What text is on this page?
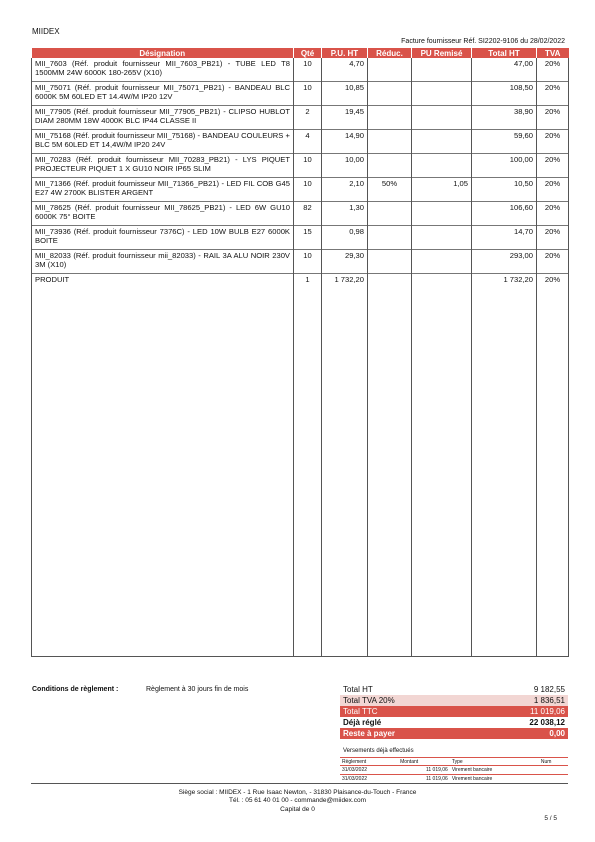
MIIDEX
Facture fournisseur Réf. SI2202-9106 du 28/02/2022
Désignation	Qté	P.U. HT	Réduc.	PU Remisé	Total HT	TVA
MII_7603 (Réf. produit fournisseur MII_7603_PB21) - TUBE LED T8 1500MM 24W 6000K 180-265V (X10)	10	4,70			47,00	20%
MII_75071 (Réf. produit fournisseur MII_75071_PB21) - BANDEAU BLC 6000K 5M 60LED ET 14.4W/M IP20 12V	10	10,85			108,50	20%
MII_77905 (Réf. produit fournisseur MII_77905_PB21) - CLIPSO HUBLOT DIAM 280MM 18W 4000K BLC IP44 CLASSE II	2	19,45			38,90	20%
MII_75168 (Réf. produit fournisseur MII_75168) - BANDEAU COULEURS + BLC 5M 60LED ET 14,4W/M IP20 24V	4	14,90			59,60	20%
MII_70283 (Réf. produit fournisseur MII_70283_PB21) - LYS PIQUET PROJECTEUR PIQUET 1 X GU10 NOIR IP65 SLIM	10	10,00			100,00	20%
MII_71366 (Réf. produit fournisseur MII_71366_PB21) - LED FIL COB G45 E27 4W 2700K BLISTER ARGENT	10	2,10	50%	1,05	10,50	20%
MII_78625 (Réf. produit fournisseur MII_78625_PB21) - LED 6W GU10 6000K 75° BOITE	82	1,30			106,60	20%
MII_73936 (Réf. produit fournisseur 7376C) - LED 10W BULB E27 6000K BOITE	15	0,98			14,70	20%
MII_82033 (Réf. produit fournisseur mii_82033) - RAIL 3A ALU NOIR 230V 3M (X10)	10	29,30			293,00	20%
PRODUIT	1	1 732,20			1 732,20	20%

Conditions de règlement :	Règlement à 30 jours fin de mois	Total HT	9 182,55
Total TVA 20%	1 836,51
Total TTC	11 019,06
Déjà réglé	22 038,12
Reste à payer	0,00
Versements déjà effectués
Règlement	Montant	Type	Num
31/03/2022	11 019,06	Virement bancaire	
31/03/2022	11 019,06	Virement bancaire	
Siège social : MIIDEX - 1 Rue Isaac Newton, - 31830 Plaisance-du-Touch - France
Tél. : 05 61 40 01 00 - commande@miidex.com
Capital de 0
5 / 5
